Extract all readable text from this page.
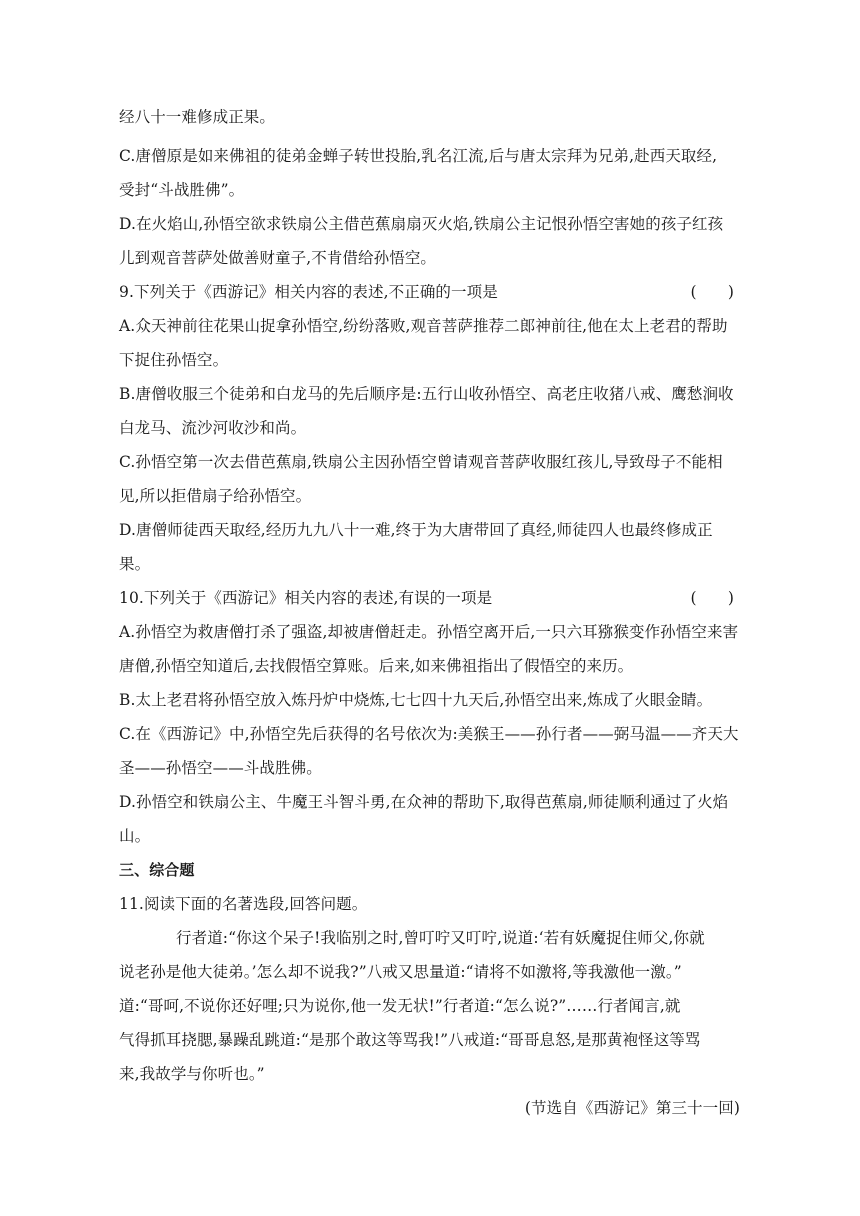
经八十一难修成正果。
C.唐僧原是如来佛祖的徒弟金蝉子转世投胎,乳名江流,后与唐太宗拜为兄弟,赴西天取经,
受封“斗战胜佛”。
D.在火焰山,孙悟空欲求铁扇公主借芭蕉扇扇灭火焰,铁扇公主记恨孙悟空害她的孩子红孩
儿到观音菩萨处做善财童子,不肯借给孙悟空。
9.下列关于《西游记》相关内容的表述,不正确的一项是	(　　)
A.众天神前往花果山捉拿孙悟空,纷纷落败,观音菩萨推荐二郎神前往,他在太上老君的帮助
下捉住孙悟空。
B.唐僧收服三个徒弟和白龙马的先后顺序是:五行山收孙悟空、高老庄收猪八戒、鹰愁涧收
白龙马、流沙河收沙和尚。
C.孙悟空第一次去借芭蕉扇,铁扇公主因孙悟空曾请观音菩萨收服红孩儿,导致母子不能相
见,所以拒借扇子给孙悟空。
D.唐僧师徒西天取经,经历九九八十一难,终于为大唐带回了真经,师徒四人也最终修成正
果。
10.下列关于《西游记》相关内容的表述,有误的一项是	(　　)
A.孙悟空为救唐僧打杀了强盗,却被唐僧赶走。孙悟空离开后,一只六耳猕猴变作孙悟空来害
唐僧,孙悟空知道后,去找假悟空算账。后来,如来佛祖指出了假悟空的来历。
B.太上老君将孙悟空放入炼丹炉中烧炼,七七四十九天后,孙悟空出来,炼成了火眼金睛。
C.在《西游记》中,孙悟空先后获得的名号依次为:美猴王——孙行者——弼马温——齐天大
圣——孙悟空——斗战胜佛。
D.孙悟空和铁扇公主、牛魔王斗智斗勇,在众神的帮助下,取得芭蕉扇,师徒顺利通过了火焰
山。
三、综合题
11.阅读下面的名著选段,回答问题。
行者道:“你这个呆子!我临别之时,曾叮咛又叮咛,说道:‘若有妖魔捉住师父,你就
说老孙是他大徒弟。’怎么却不说我?”八戒又思量道:“请将不如激将,等我激他一激。”
道:“哥呵,不说你还好哩;只为说你,他一发无状!”行者道:“怎么说?”……行者闻言,就
气得抓耳挠腮,暴躁乱跳道:“是那个敢这等骂我!”八戒道:“哥哥息怒,是那黄袍怪这等骂
来,我故学与你听也。”
(节选自《西游记》第三十一回)
